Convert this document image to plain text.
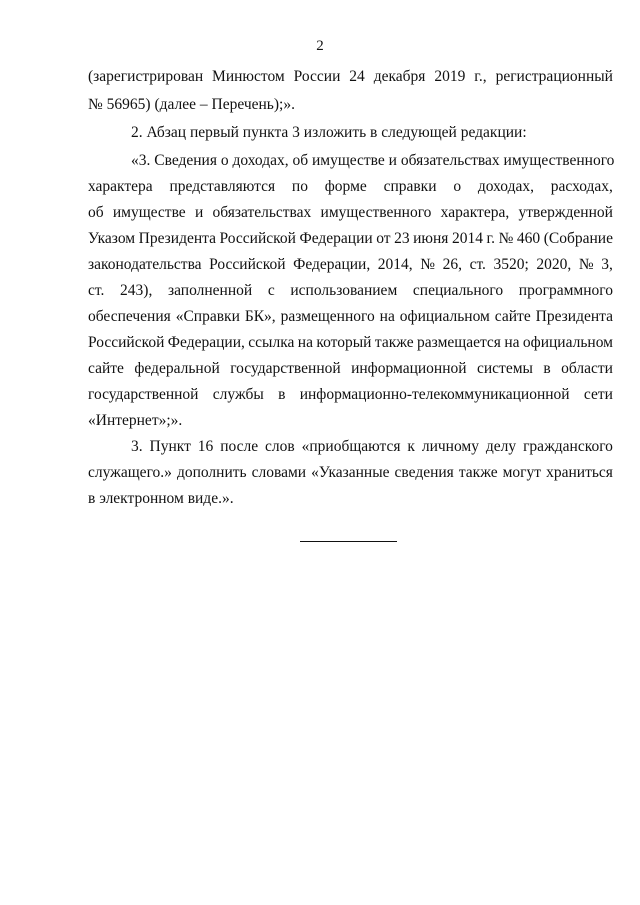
2
(зарегистрирован Минюстом России 24 декабря 2019 г., регистрационный
№ 56965) (далее – Перечень);».
2. Абзац первый пункта 3 изложить в следующей редакции:
«3. Сведения о доходах, об имуществе и обязательствах имущественного
характера представляются по форме справки о доходах, расходах,
об имуществе и обязательствах имущественного характера, утвержденной
Указом Президента Российской Федерации от 23 июня 2014 г. № 460 (Собрание
законодательства Российской Федерации, 2014, № 26, ст. 3520; 2020, № 3,
ст. 243), заполненной с использованием специального программного
обеспечения «Справки БК», размещенного на официальном сайте Президента
Российской Федерации, ссылка на который также размещается на официальном
сайте федеральной государственной информационной системы в области
государственной службы в информационно-телекоммуникационной сети
«Интернет»;».
3. Пункт 16 после слов «приобщаются к личному делу гражданского
служащего.» дополнить словами «Указанные сведения также могут храниться
в электронном виде.».
